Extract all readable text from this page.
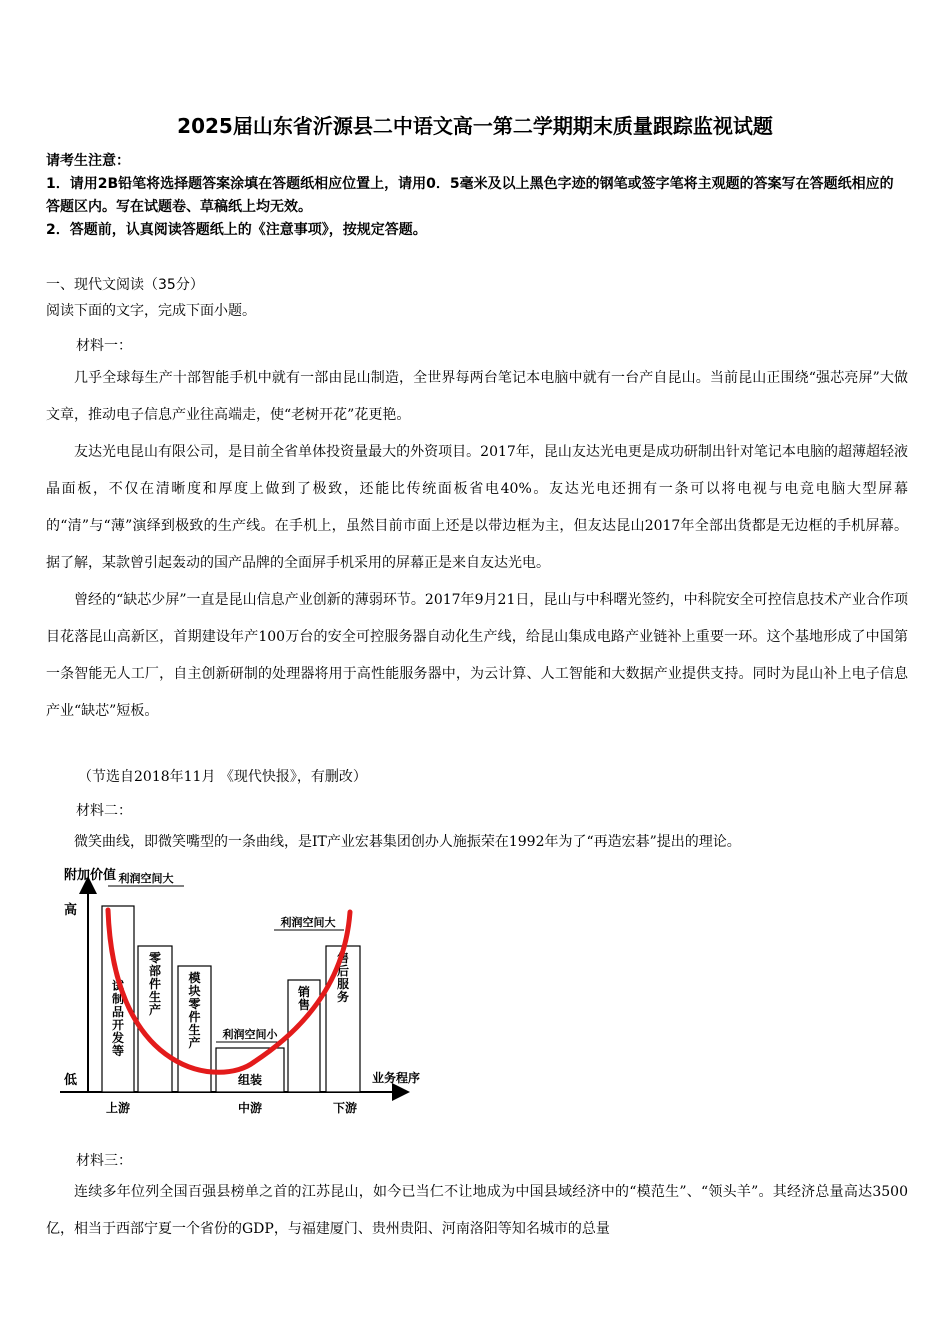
2025届山东省沂源县二中语文高一第二学期期末质量跟踪监视试题

请考生注意：

1．请用2B铅笔将选择题答案涂填在答题纸相应位置上，请用0．5毫米及以上黑色字迹的钢笔或签字笔将主观题的答案写在答题纸相应的答题区内。写在试题卷、草稿纸上均无效。

2．答题前，认真阅读答题纸上的《注意事项》，按规定答题。

一、现代文阅读（35分）
阅读下面的文字，完成下面小题。
材料一：

几乎全球每生产十部智能手机中就有一部由昆山制造，全世界每两台笔记本电脑中就有一台产自昆山。当前昆山正围绕“强芯亮屏”大做文章，推动电子信息产业往高端走，使“老树开花”花更艳。

友达光电昆山有限公司，是目前全省单体投资量最大的外资项目。2017年，昆山友达光电更是成功研制出针对笔记本电脑的超薄超轻液晶面板，不仅在清晰度和厚度上做到了极致，还能比传统面板省电40%。友达光电还拥有一条可以将电视与电竞电脑大型屏幕的“清”与“薄”演绎到极致的生产线。在手机上，虽然目前市面上还是以带边框为主，但友达昆山2017年全部出货都是无边框的手机屏幕。据了解，某款曾引起轰动的国产品牌的全面屏手机采用的屏幕正是来自友达光电。

曾经的“缺芯少屏”一直是昆山信息产业创新的薄弱环节。2017年9月21日，昆山与中科曙光签约，中科院安全可控信息技术产业合作项目花落昆山高新区，首期建设年产100万台的安全可控服务器自动化生产线，给昆山集成电路产业链补上重要一环。这个基地形成了中国第一条智能无人工厂，自主创新研制的处理器将用于高性能服务器中，为云计算、人工智能和大数据产业提供支持。同时为昆山补上电子信息产业“缺芯”短板。

（节选自2018年11月 《现代快报》，有删改）
材料二：

微笑曲线，即微笑嘴型的一条曲线，是IT产业宏碁集团创办人施振荣在1992年为了“再造宏碁”提出的理论。

附加价值
高
低	业务程序
试制品开发等
零部件生产
模块零件生产
组装
销售
售后服务
上游	中游	下游
利润空间大
利润空间小
利润空间大
材料三：

连续多年位列全国百强县榜单之首的江苏昆山，如今已当仁不让地成为中国县域经济中的“模范生”、“领头羊”。其经济总量高达3500亿，相当于西部宁夏一个省份的GDP，与福建厦门、贵州贵阳、河南洛阳等知名城市的总量
